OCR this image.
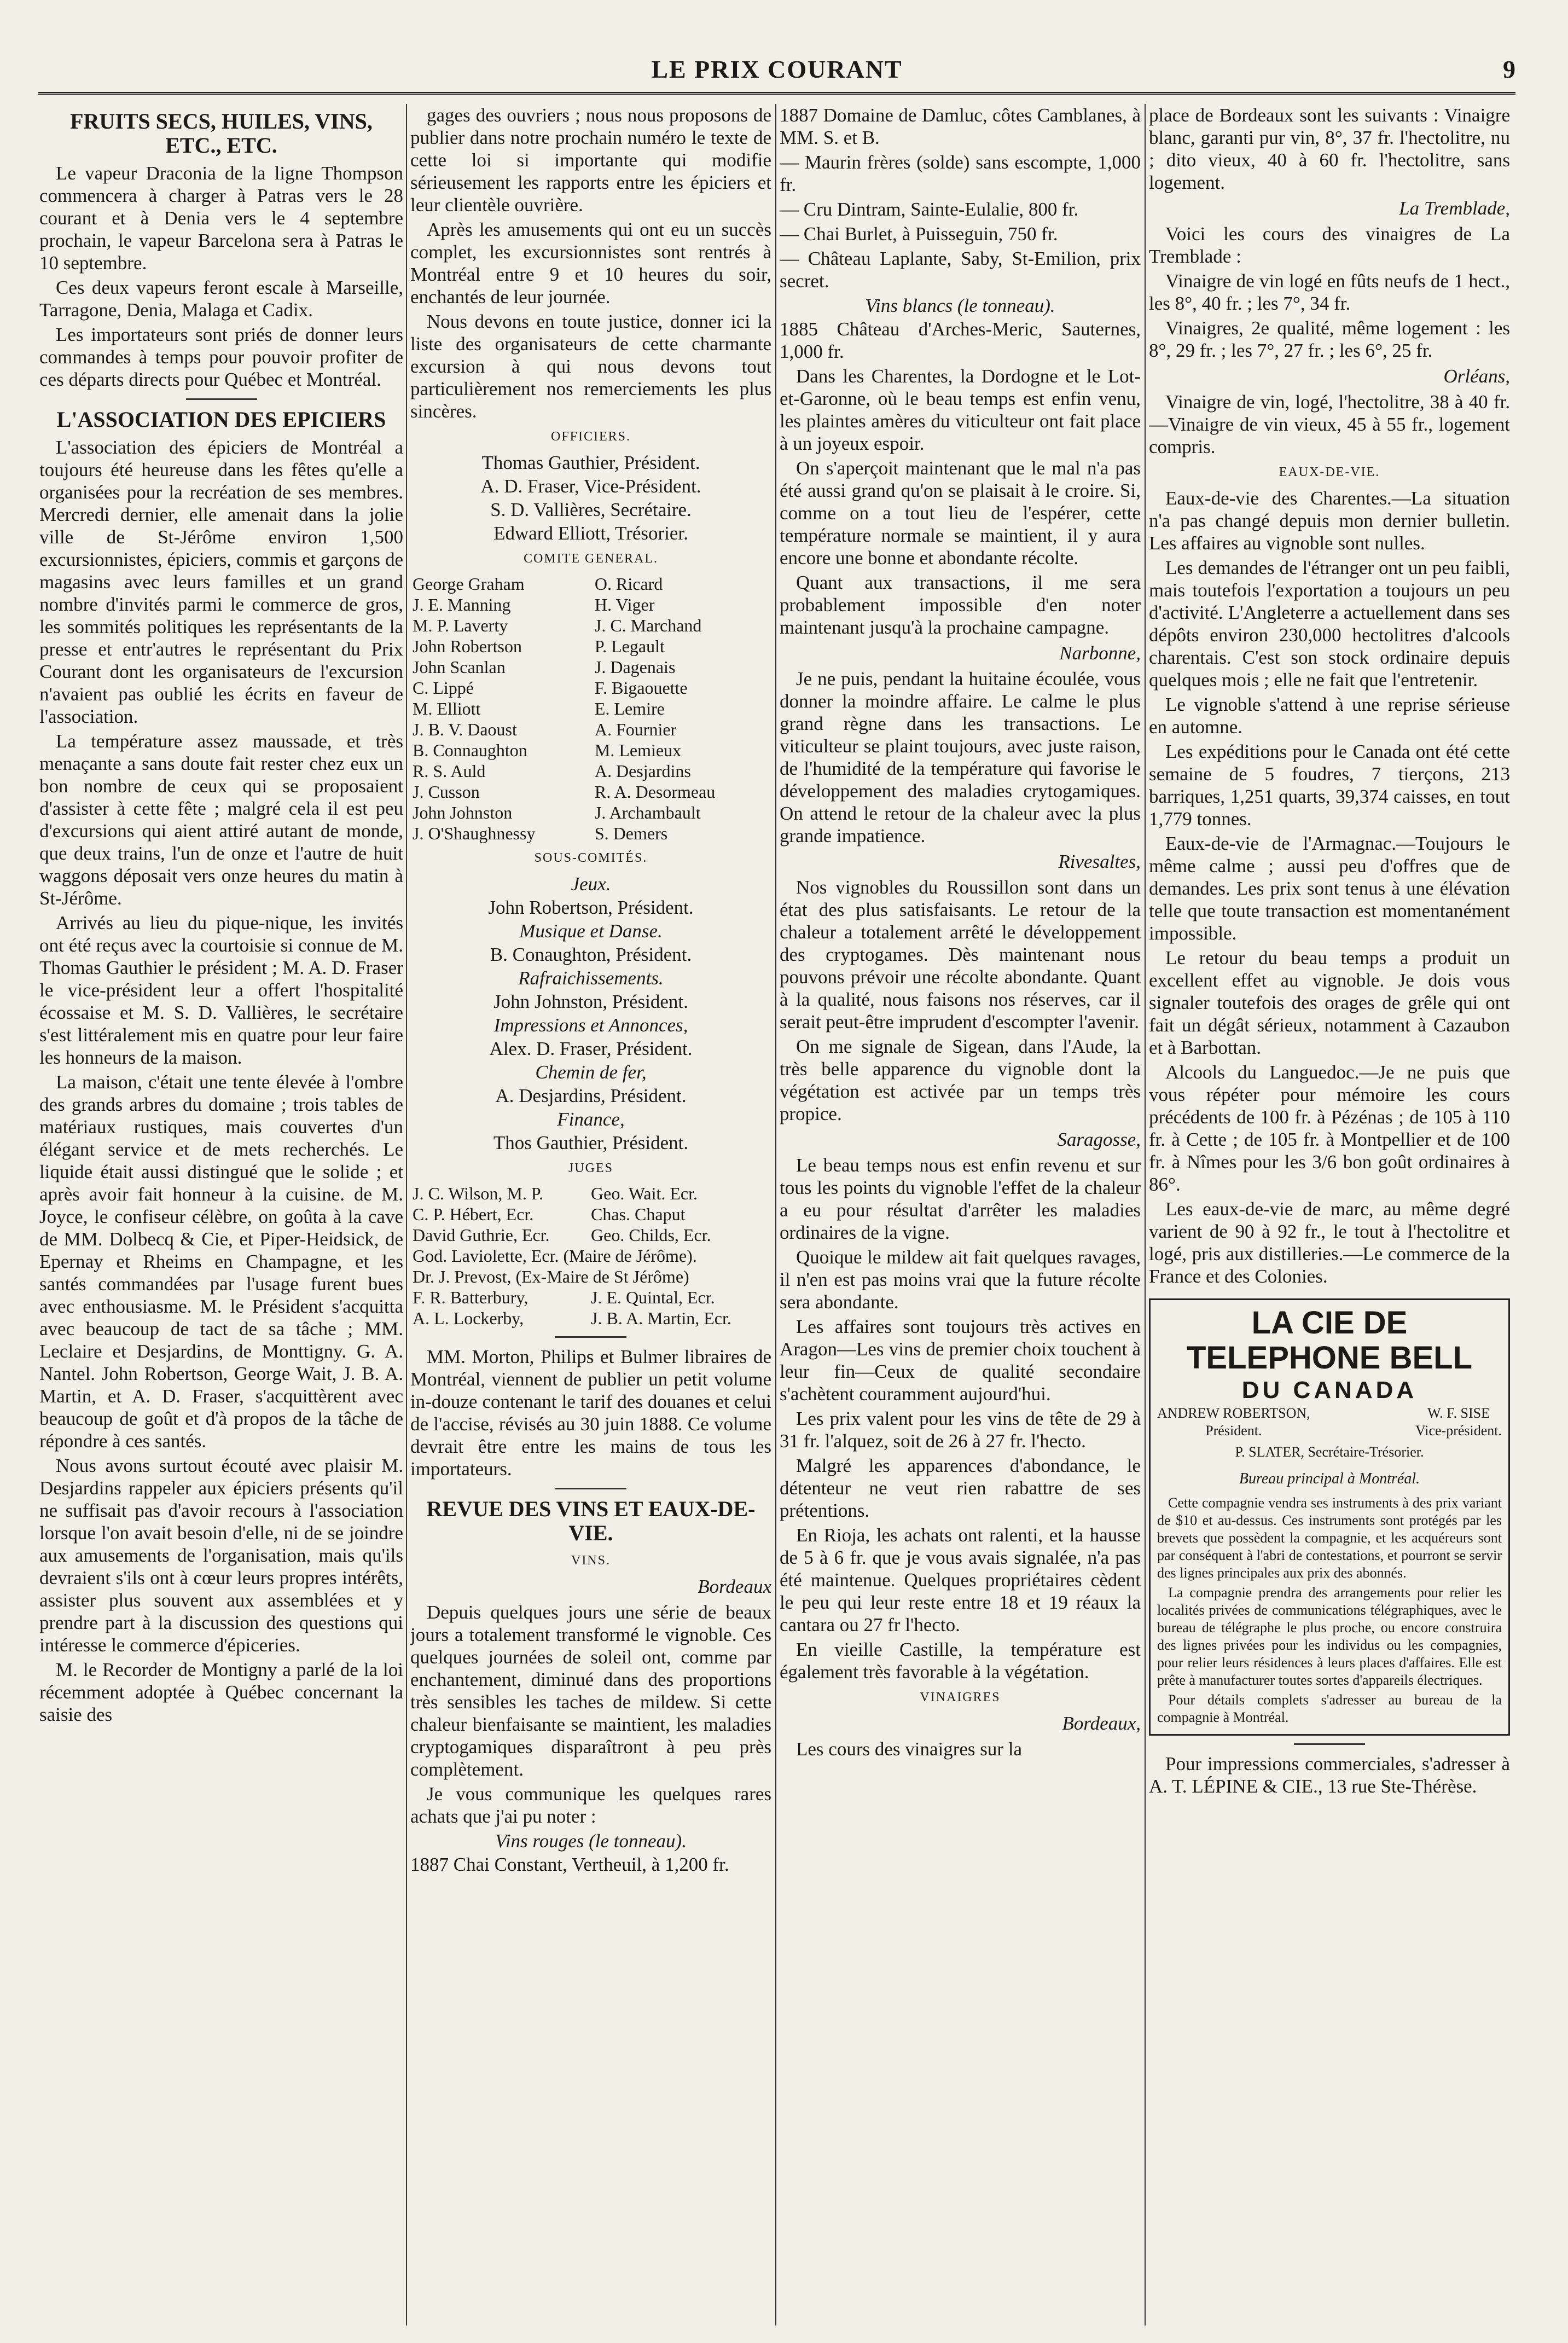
LE PRIX COURANT	9
FRUITS SECS, HUILES, VINS, ETC., ETC.

Le vapeur Draconia de la ligne Thompson commencera à charger à Patras vers le 28 courant et à Denia vers le 4 septembre prochain, le vapeur Barcelona sera à Patras le 10 septembre.

Ces deux vapeurs feront escale à Marseille, Tarragone, Denia, Malaga et Cadix.

Les importateurs sont priés de donner leurs commandes à temps pour pouvoir profiter de ces départs directs pour Québec et Montréal.

L'ASSOCIATION DES EPICIERS

L'association des épiciers de Montréal a toujours été heureuse dans les fêtes qu'elle a organisées pour la recréation de ses membres. Mercredi dernier, elle amenait dans la jolie ville de St-Jérôme environ 1,500 excursionnistes, épiciers, commis et garçons de magasins avec leurs familles et un grand nombre d'invités parmi le commerce de gros, les sommités politiques les représentants de la presse et entr'autres le représentant du Prix Courant dont les organisateurs de l'excursion n'avaient pas oublié les écrits en faveur de l'association.

La température assez maussade, et très menaçante a sans doute fait rester chez eux un bon nombre de ceux qui se proposaient d'assister à cette fête ; malgré cela il est peu d'excursions qui aient attiré autant de monde, que deux trains, l'un de onze et l'autre de huit waggons déposait vers onze heures du matin à St-Jérôme.

Arrivés au lieu du pique-nique, les invités ont été reçus avec la courtoisie si connue de M. Thomas Gauthier le président ; M. A. D. Fraser le vice-président leur a offert l'hospitalité écossaise et M. S. D. Vallières, le secrétaire s'est littéralement mis en quatre pour leur faire les honneurs de la maison.

La maison, c'était une tente élevée à l'ombre des grands arbres du domaine ; trois tables de matériaux rustiques, mais couvertes d'un élégant service et de mets recherchés. Le liquide était aussi distingué que le solide ; et après avoir fait honneur à la cuisine. de M. Joyce, le confiseur célèbre, on goûta à la cave de MM. Dolbecq & Cie, et Piper-Heidsick, de Epernay et Rheims en Champagne, et les santés commandées par l'usage furent bues avec enthousiasme. M. le Président s'acquitta avec beaucoup de tact de sa tâche ; MM. Leclaire et Desjardins, de Monttigny. G. A. Nantel. John Robertson, George Wait, J. B. A. Martin, et A. D. Fraser, s'acquittèrent avec beaucoup de goût et d'à propos de la tâche de répondre à ces santés.

Nous avons surtout écouté avec plaisir M. Desjardins rappeler aux épiciers présents qu'il ne suffisait pas d'avoir recours à l'association lorsque l'on avait besoin d'elle, ni de se joindre aux amusements de l'organisation, mais qu'ils devraient s'ils ont à cœur leurs propres intérêts, assister plus souvent aux assemblées et y prendre part à la discussion des questions qui intéresse le commerce d'épiceries.

M. le Recorder de Montigny a parlé de la loi récemment adoptée à Québec concernant la saisie des

gages des ouvriers ; nous nous proposons de publier dans notre prochain numéro le texte de cette loi si importante qui modifie sérieusement les rapports entre les épiciers et leur clientèle ouvrière.

Après les amusements qui ont eu un succès complet, les excursionnistes sont rentrés à Montréal entre 9 et 10 heures du soir, enchantés de leur journée.

Nous devons en toute justice, donner ici la liste des organisateurs de cette charmante excursion à qui nous devons tout particulièrement nos remerciements les plus sincères.

OFFICIERS.
Thomas Gauthier, Président.
A. D. Fraser, Vice-Président.
S. D. Vallières, Secrétaire.
Edward Elliott, Trésorier.
COMITE GENERAL.
George Graham	O. Ricard
J. E. Manning	H. Viger
M. P. Laverty	J. C. Marchand
John Robertson	P. Legault
John Scanlan	J. Dagenais
C. Lippé	F. Bigaouette
M. Elliott	E. Lemire
J. B. V. Daoust	A. Fournier
B. Connaughton	M. Lemieux
R. S. Auld	A. Desjardins
J. Cusson	R. A. Desormeau
John Johnston	J. Archambault
J. O'Shaughnessy	S. Demers
SOUS-COMITÉS.
Jeux.
John Robertson, Président.
Musique et Danse.
B. Conaughton, Président.
Rafraichissements.
John Johnston, Président.
Impressions et Annonces,
Alex. D. Fraser, Président.
Chemin de fer,
A. Desjardins, Président.
Finance,
Thos Gauthier, Président.
JUGES
J. C. Wilson, M. P.	Geo. Wait. Ecr.
C. P. Hébert, Ecr.	Chas. Chaput
David Guthrie, Ecr.	Geo. Childs, Ecr.
God. Laviolette, Ecr. (Maire de Jérôme).	
Dr. J. Prevost, (Ex-Maire de St Jérôme)	
F. R. Batterbury,	J. E. Quintal, Ecr.
A. L. Lockerby,	J. B. A. Martin, Ecr.

MM. Morton, Philips et Bulmer libraires de Montréal, viennent de publier un petit volume in-douze contenant le tarif des douanes et celui de l'accise, révisés au 30 juin 1888. Ce volume devrait être entre les mains de tous les importateurs.

REVUE DES VINS ET EAUX-DE-VIE.
VINS.
Bordeaux

Depuis quelques jours une série de beaux jours a totalement transformé le vignoble. Ces quelques journées de soleil ont, comme par enchantement, diminué dans des proportions très sensibles les taches de mildew. Si cette chaleur bienfaisante se maintient, les maladies cryptogamiques disparaîtront à peu près complètement.

Je vous communique les quelques rares achats que j'ai pu noter :

Vins rouges (le tonneau).

1887 Chai Constant, Vertheuil, à 1,200 fr.

1887 Domaine de Damluc, côtes Camblanes, à MM. S. et B.

— Maurin frères (solde) sans escompte, 1,000 fr.

— Cru Dintram, Sainte-Eulalie, 800 fr.

— Chai Burlet, à Puisseguin, 750 fr.

— Château Laplante, Saby, St-Emilion, prix secret.

Vins blancs (le tonneau).

1885 Château d'Arches-Meric, Sauternes, 1,000 fr.

Dans les Charentes, la Dordogne et le Lot-et-Garonne, où le beau temps est enfin venu, les plaintes amères du viticulteur ont fait place à un joyeux espoir.

On s'aperçoit maintenant que le mal n'a pas été aussi grand qu'on se plaisait à le croire. Si, comme on a tout lieu de l'espérer, cette température normale se maintient, il y aura encore une bonne et abondante récolte.

Quant aux transactions, il me sera probablement impossible d'en noter maintenant jusqu'à la prochaine campagne.

Narbonne,

Je ne puis, pendant la huitaine écoulée, vous donner la moindre affaire. Le calme le plus grand règne dans les transactions. Le viticulteur se plaint toujours, avec juste raison, de l'humidité de la température qui favorise le développement des maladies crytogamiques. On attend le retour de la chaleur avec la plus grande impatience.

Rivesaltes,

Nos vignobles du Roussillon sont dans un état des plus satisfaisants. Le retour de la chaleur a totalement arrêté le développement des cryptogames. Dès maintenant nous pouvons prévoir une récolte abondante. Quant à la qualité, nous faisons nos réserves, car il serait peut-être imprudent d'escompter l'avenir.

On me signale de Sigean, dans l'Aude, la très belle apparence du vignoble dont la végétation est activée par un temps très propice.

Saragosse,

Le beau temps nous est enfin revenu et sur tous les points du vignoble l'effet de la chaleur a eu pour résultat d'arrêter les maladies ordinaires de la vigne.

Quoique le mildew ait fait quelques ravages, il n'en est pas moins vrai que la future récolte sera abondante.

Les affaires sont toujours très actives en Aragon—Les vins de premier choix touchent à leur fin—Ceux de qualité secondaire s'achètent couramment aujourd'hui.

Les prix valent pour les vins de tête de 29 à 31 fr. l'alquez, soit de 26 à 27 fr. l'hecto.

Malgré les apparences d'abondance, le détenteur ne veut rien rabattre de ses prétentions.

En Rioja, les achats ont ralenti, et la hausse de 5 à 6 fr. que je vous avais signalée, n'a pas été maintenue. Quelques propriétaires cèdent le peu qui leur reste entre 18 et 19 réaux la cantara ou 27 fr l'hecto.

En vieille Castille, la température est également très favorable à la végétation.

VINAIGRES
Bordeaux,

Les cours des vinaigres sur la

place de Bordeaux sont les suivants : Vinaigre blanc, garanti pur vin, 8°, 37 fr. l'hectolitre, nu ; dito vieux, 40 à 60 fr. l'hectolitre, sans logement.

La Tremblade,

Voici les cours des vinaigres de La Tremblade :

Vinaigre de vin logé en fûts neufs de 1 hect., les 8°, 40 fr. ; les 7°, 34 fr.

Vinaigres, 2e qualité, même logement : les 8°, 29 fr. ; les 7°, 27 fr. ; les 6°, 25 fr.

Orléans,

Vinaigre de vin, logé, l'hectolitre, 38 à 40 fr.—Vinaigre de vin vieux, 45 à 55 fr., logement compris.

EAUX-DE-VIE.

Eaux-de-vie des Charentes.—La situation n'a pas changé depuis mon dernier bulletin. Les affaires au vignoble sont nulles.

Les demandes de l'étranger ont un peu faibli, mais toutefois l'exportation a toujours un peu d'activité. L'Angleterre a actuellement dans ses dépôts environ 230,000 hectolitres d'alcools charentais. C'est son stock ordinaire depuis quelques mois ; elle ne fait que l'entretenir.

Le vignoble s'attend à une reprise sérieuse en automne.

Les expéditions pour le Canada ont été cette semaine de 5 foudres, 7 tierçons, 213 barriques, 1,251 quarts, 39,374 caisses, en tout 1,779 tonnes.

Eaux-de-vie de l'Armagnac.—Toujours le même calme ; aussi peu d'offres que de demandes. Les prix sont tenus à une élévation telle que toute transaction est momentanément impossible.

Le retour du beau temps a produit un excellent effet au vignoble. Je dois vous signaler toutefois des orages de grêle qui ont fait un dégât sérieux, notamment à Cazaubon et à Barbottan.

Alcools du Languedoc.—Je ne puis que vous répéter pour mémoire les cours précédents de 100 fr. à Pézénas ; de 105 à 110 fr. à Cette ; de 105 fr. à Montpellier et de 100 fr. à Nîmes pour les 3/6 bon goût ordinaires à 86°.

Les eaux-de-vie de marc, au même degré varient de 90 à 92 fr., le tout à l'hectolitre et logé, pris aux distilleries.—Le commerce de la France et des Colonies.

LA CIE DE TELEPHONE BELL
DU CANADA
ANDREW ROBERTSON,
Président.
W. F. SISE
Vice-président.
P. SLATER, Secrétaire-Trésorier.
Bureau principal à Montréal.

Cette compagnie vendra ses instruments à des prix variant de $10 et au-dessus. Ces instruments sont protégés par les brevets que possèdent la compagnie, et les acquéreurs sont par conséquent à l'abri de contestations, et pourront se servir des lignes principales aux prix des abonnés.

La compagnie prendra des arrangements pour relier les localités privées de communications télégraphiques, avec le bureau de télégraphe le plus proche, ou encore construira des lignes privées pour les individus ou les compagnies, pour relier leurs résidences à leurs places d'affaires. Elle est prête à manufacturer toutes sortes d'appareils électriques.

Pour détails complets s'adresser au bureau de la compagnie à Montréal.

Pour impressions commerciales, s'adresser à A. T. LÉPINE & CIE., 13 rue Ste-Thérèse.
